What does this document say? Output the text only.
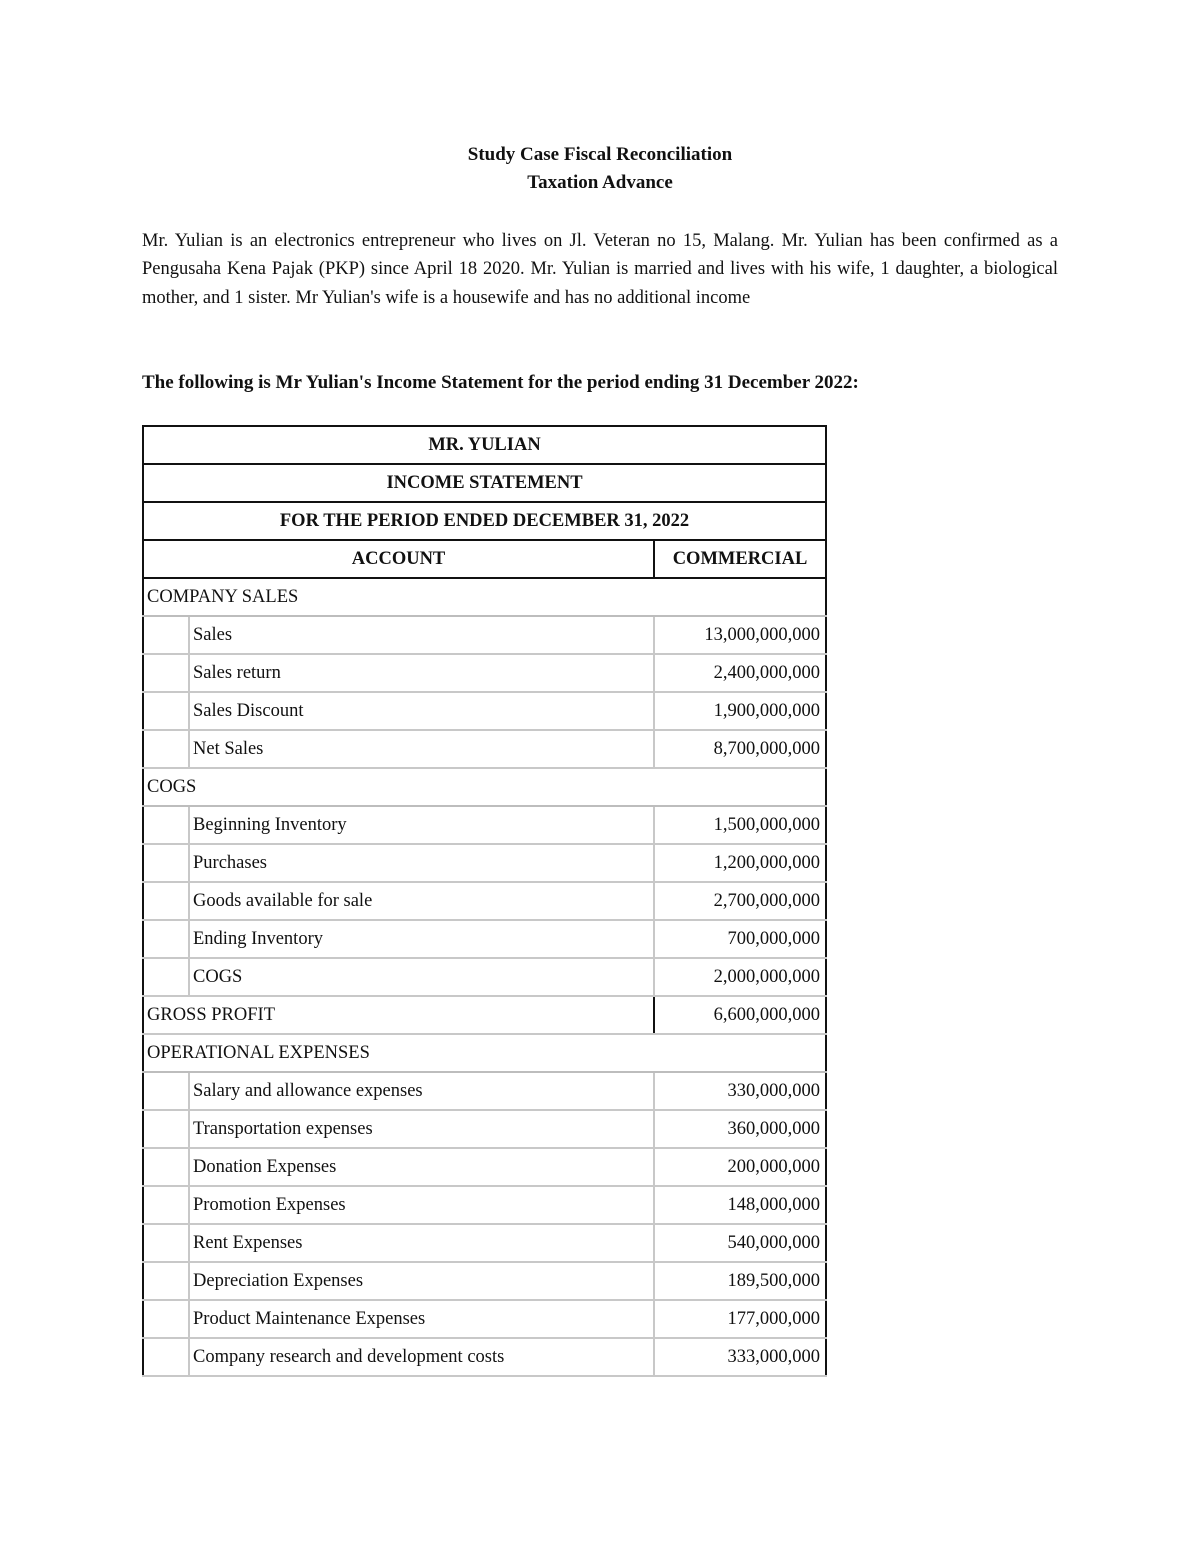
Study Case Fiscal Reconciliation
Taxation Advance
Mr. Yulian is an electronics entrepreneur who lives on Jl. Veteran no 15, Malang. Mr. Yulian has been confirmed as a Pengusaha Kena Pajak (PKP) since April 18 2020. Mr. Yulian is married and lives with his wife, 1 daughter, a biological mother, and 1 sister. Mr Yulian's wife is a housewife and has no additional income
The following is Mr Yulian's Income Statement for the period ending 31 December 2022:
MR. YULIAN		
INCOME STATEMENT		
FOR THE PERIOD ENDED DECEMBER 31, 2022		
ACCOUNT		COMMERCIAL
COMPANY SALES		
	Sales	13,000,000,000
	Sales return	2,400,000,000
	Sales Discount	1,900,000,000
	Net Sales	8,700,000,000
COGS		
	Beginning Inventory	1,500,000,000
	Purchases	1,200,000,000
	Goods available for sale	2,700,000,000
	Ending Inventory	700,000,000
	COGS	2,000,000,000
GROSS PROFIT		6,600,000,000
OPERATIONAL EXPENSES		
	Salary and allowance expenses	330,000,000
	Transportation expenses	360,000,000
	Donation Expenses	200,000,000
	Promotion Expenses	148,000,000
	Rent Expenses	540,000,000
	Depreciation Expenses	189,500,000
	Product Maintenance Expenses	177,000,000
	Company research and development costs	333,000,000
